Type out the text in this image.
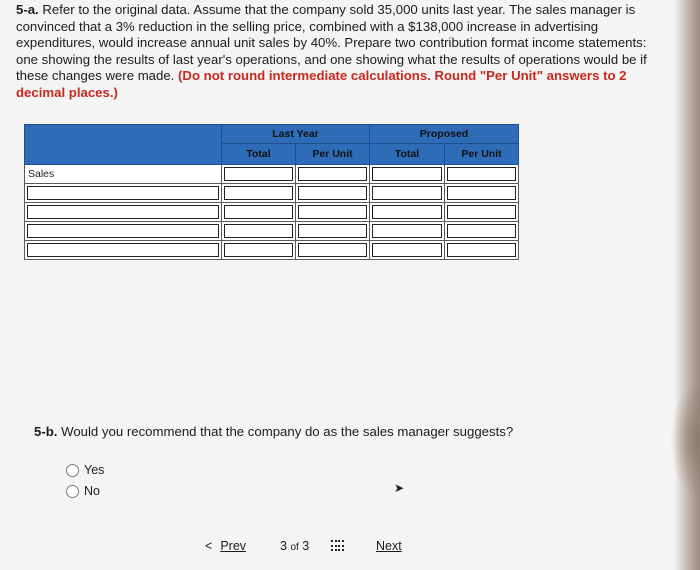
5-a. Refer to the original data. Assume that the company sold 35,000 units last year. The sales manager is convinced that a 3% reduction in the selling price, combined with a $138,000 increase in advertising expenditures, would increase annual unit sales by 40%. Prepare two contribution format income statements: one showing the results of last year's operations, and one showing what the results of operations would be if these changes were made. (Do not round intermediate calculations. Round "Per Unit" answers to 2 decimal places.)
	Last Year		Proposed	
	Total	Per Unit	Total	Per Unit
Sales	

5-b. Would you recommend that the company do as the sales manager suggests?
Yes
No	➤
< Prev	3 of 3	Next
